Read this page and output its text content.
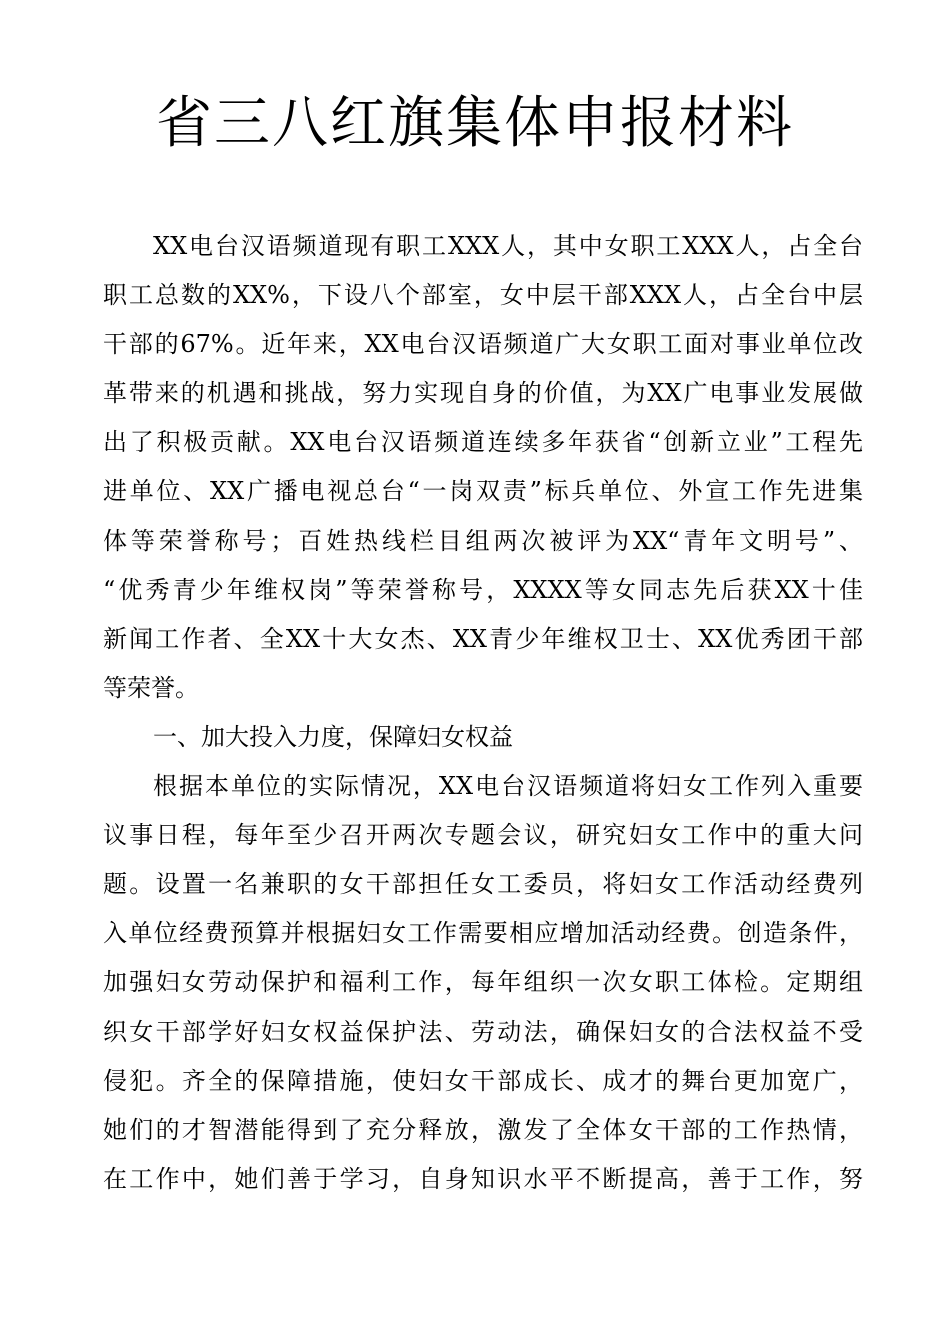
省三八红旗集体申报材料
XX电台汉语频道现有职工XXX人，其中女职工XXX人，占全台
职工总数的XX%，下设八个部室，女中层干部XXX人，占全台中层
干部的67%。近年来，XX电台汉语频道广大女职工面对事业单位改
革带来的机遇和挑战，努力实现自身的价值，为XX广电事业发展做
出了积极贡献。XX电台汉语频道连续多年获省“创新立业”工程先
进单位、XX广播电视总台“一岗双责”标兵单位、外宣工作先进集
体等荣誉称号；百姓热线栏目组两次被评为XX“青年文明号”、
“优秀青少年维权岗”等荣誉称号，XXXX等女同志先后获XX十佳
新闻工作者、全XX十大女杰、XX青少年维权卫士、XX优秀团干部
等荣誉。
一、加大投入力度，保障妇女权益
根据本单位的实际情况，XX电台汉语频道将妇女工作列入重要
议事日程，每年至少召开两次专题会议，研究妇女工作中的重大问
题。设置一名兼职的女干部担任女工委员，将妇女工作活动经费列
入单位经费预算并根据妇女工作需要相应增加活动经费。创造条件，
加强妇女劳动保护和福利工作，每年组织一次女职工体检。定期组
织女干部学好妇女权益保护法、劳动法，确保妇女的合法权益不受
侵犯。齐全的保障措施，使妇女干部成长、成才的舞台更加宽广，
她们的才智潜能得到了充分释放，激发了全体女干部的工作热情，
在工作中，她们善于学习，自身知识水平不断提高，善于工作，努
